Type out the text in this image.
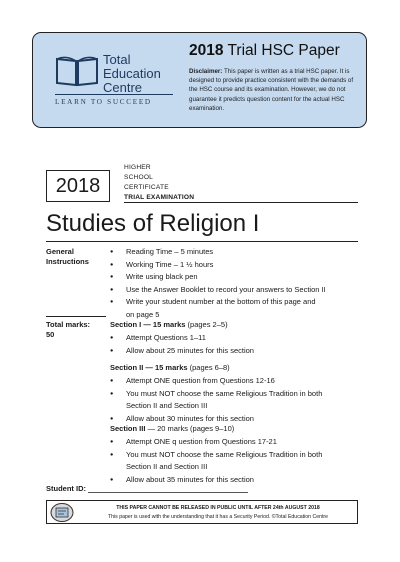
Total
Education
Centre
LEARN TO SUCCEED
2018 Trial HSC Paper
Disclaimer: This paper is written as a trial HSC paper. It is designed to provide practice consistent with the demands of the HSC course and its examination. However, we do not guarantee it predicts question content for the actual HSC examination.
2018
HIGHER
SCHOOL
CERTIFICATE
TRIAL EXAMINATION
Studies of Religion I
General
Instructions
● Reading Time – 5 minutes
● Working Time – 1 ½ hours
● Write using black pen
● Use the Answer Booklet to record your answers to Section II
● Write your student number at the bottom of this page and
on page 5
Total marks:
50
Section I — 15 marks (pages 2–5)
● Attempt Questions 1–11
● Allow about 25 minutes for this section
Section II — 15 marks (pages 6–8)
● Attempt ONE question from Questions 12-16
● You must NOT choose the same Religious Tradition in both
Section II and Section III
● Allow about 30 minutes for this section
Section III — 20 marks (pages 9–10)
● Attempt ONE q uestion from Questions 17-21
● You must NOT choose the same Religious Tradition in both
Section II and Section III
● Allow about 35 minutes for this section
Student ID:
THIS PAPER CANNOT BE RELEASED IN PUBLIC UNTIL AFTER 24th AUGUST 2018
This paper is used with the understanding that it has a Security Period. ©Total Education Centre
